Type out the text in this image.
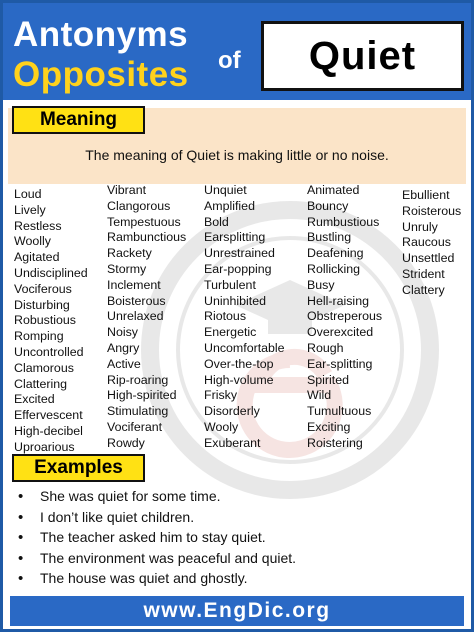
Antonyms
Opposites of Quiet
Meaning
The meaning of Quiet is making little or no noise.
Loud
Lively
Restless
Woolly
Agitated
Undisciplined
Vociferous
Disturbing
Robustious
Romping
Uncontrolled
Clamorous
Clattering
Excited
Effervescent
High-decibel
Uproarious
Vibrant
Clangorous
Tempestuous
Rambunctious
Rackety
Stormy
Inclement
Boisterous
Unrelaxed
Noisy
Angry
Active
Rip-roaring
High-spirited
Stimulating
Vociferant
Rowdy
Unquiet
Amplified
Bold
Earsplitting
Unrestrained
Ear-popping
Turbulent
Uninhibited
Riotous
Energetic
Uncomfortable
Over-the-top
High-volume
Frisky
Disorderly
Wooly
Exuberant
Animated
Bouncy
Rumbustious
Bustling
Deafening
Rollicking
Busy
Hell-raising
Obstreperous
Overexcited
Rough
Ear-splitting
Spirited
Wild
Tumultuous
Exciting
Roistering
Ebullient
Roisterous
Unruly
Raucous
Unsettled
Strident
Clattery
Examples
• She was quiet for some time.
• I don’t like quiet children.
• The teacher asked him to stay quiet.
• The environment was peaceful and quiet.
• The house was quiet and ghostly.
www.EngDic.org
